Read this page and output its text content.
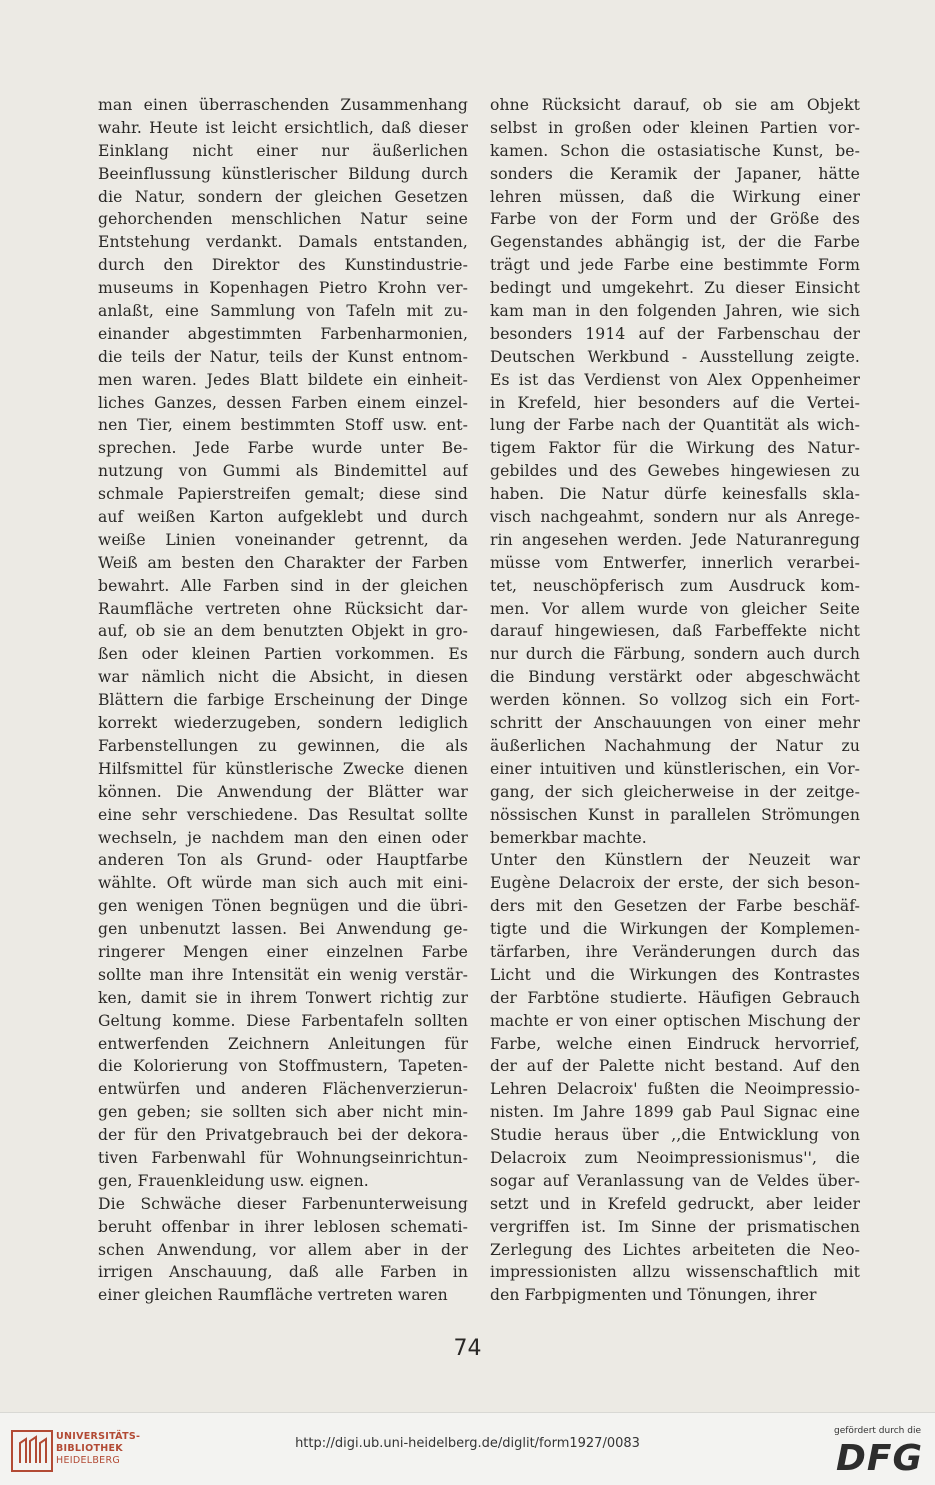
man einen überraschenden Zusammenhang
wahr. Heute ist leicht ersichtlich, daß dieser
Einklang nicht einer nur äußerlichen
Beeinflussung künstlerischer Bildung durch
die Natur, sondern der gleichen Gesetzen
gehorchenden menschlichen Natur seine
Entstehung verdankt. Damals entstanden,
durch den Direktor des Kunstindustrie-
museums in Kopenhagen Pietro Krohn ver-
anlaßt, eine Sammlung von Tafeln mit zu-
einander abgestimmten Farbenharmonien,
die teils der Natur, teils der Kunst entnom-
men waren. Jedes Blatt bildete ein einheit-
liches Ganzes, dessen Farben einem einzel-
nen Tier, einem bestimmten Stoff usw. ent-
sprechen. Jede Farbe wurde unter Be-
nutzung von Gummi als Bindemittel auf
schmale Papierstreifen gemalt; diese sind
auf weißen Karton aufgeklebt und durch
weiße Linien voneinander getrennt, da
Weiß am besten den Charakter der Farben
bewahrt. Alle Farben sind in der gleichen
Raumfläche vertreten ohne Rücksicht dar-
auf, ob sie an dem benutzten Objekt in gro-
ßen oder kleinen Partien vorkommen. Es
war nämlich nicht die Absicht, in diesen
Blättern die farbige Erscheinung der Dinge
korrekt wiederzugeben, sondern lediglich
Farbenstellungen zu gewinnen, die als
Hilfsmittel für künstlerische Zwecke dienen
können. Die Anwendung der Blätter war
eine sehr verschiedene. Das Resultat sollte
wechseln, je nachdem man den einen oder
anderen Ton als Grund- oder Hauptfarbe
wählte. Oft würde man sich auch mit eini-
gen wenigen Tönen begnügen und die übri-
gen unbenutzt lassen. Bei Anwendung ge-
ringerer Mengen einer einzelnen Farbe
sollte man ihre Intensität ein wenig verstär-
ken, damit sie in ihrem Tonwert richtig zur
Geltung komme. Diese Farbentafeln sollten
entwerfenden Zeichnern Anleitungen für
die Kolorierung von Stoffmustern, Tapeten-
entwürfen und anderen Flächenverzierun-
gen geben; sie sollten sich aber nicht min-
der für den Privatgebrauch bei der dekora-
tiven Farbenwahl für Wohnungseinrichtun-
gen, Frauenkleidung usw. eignen.
Die Schwäche dieser Farbenunterweisung
beruht offenbar in ihrer leblosen schemati-
schen Anwendung, vor allem aber in der
irrigen Anschauung, daß alle Farben in
einer gleichen Raumfläche vertreten waren
ohne Rücksicht darauf, ob sie am Objekt
selbst in großen oder kleinen Partien vor-
kamen. Schon die ostasiatische Kunst, be-
sonders die Keramik der Japaner, hätte
lehren müssen, daß die Wirkung einer
Farbe von der Form und der Größe des
Gegenstandes abhängig ist, der die Farbe
trägt und jede Farbe eine bestimmte Form
bedingt und umgekehrt. Zu dieser Einsicht
kam man in den folgenden Jahren, wie sich
besonders 1914 auf der Farbenschau der
Deutschen Werkbund - Ausstellung zeigte.
Es ist das Verdienst von Alex Oppenheimer
in Krefeld, hier besonders auf die Vertei-
lung der Farbe nach der Quantität als wich-
tigem Faktor für die Wirkung des Natur-
gebildes und des Gewebes hingewiesen zu
haben. Die Natur dürfe keinesfalls skla-
visch nachgeahmt, sondern nur als Anrege-
rin angesehen werden. Jede Naturanregung
müsse vom Entwerfer, innerlich verarbei-
tet, neuschöpferisch zum Ausdruck kom-
men. Vor allem wurde von gleicher Seite
darauf hingewiesen, daß Farbeffekte nicht
nur durch die Färbung, sondern auch durch
die Bindung verstärkt oder abgeschwächt
werden können. So vollzog sich ein Fort-
schritt der Anschauungen von einer mehr
äußerlichen Nachahmung der Natur zu
einer intuitiven und künstlerischen, ein Vor-
gang, der sich gleicherweise in der zeitge-
nössischen Kunst in parallelen Strömungen
bemerkbar machte.
Unter den Künstlern der Neuzeit war
Eugène Delacroix der erste, der sich beson-
ders mit den Gesetzen der Farbe beschäf-
tigte und die Wirkungen der Komplemen-
tärfarben, ihre Veränderungen durch das
Licht und die Wirkungen des Kontrastes
der Farbtöne studierte. Häufigen Gebrauch
machte er von einer optischen Mischung der
Farbe, welche einen Eindruck hervorrief,
der auf der Palette nicht bestand. Auf den
Lehren Delacroix' fußten die Neoimpressio-
nisten. Im Jahre 1899 gab Paul Signac eine
Studie heraus über ,,die Entwicklung von
Delacroix zum Neoimpressionismus'', die
sogar auf Veranlassung van de Veldes über-
setzt und in Krefeld gedruckt, aber leider
vergriffen ist. Im Sinne der prismatischen
Zerlegung des Lichtes arbeiteten die Neo-
impressionisten allzu wissenschaftlich mit
den Farbpigmenten und Tönungen, ihrer
74
UNIVERSITÄTS-
BIBLIOTHEK
HEIDELBERG
http://digi.ub.uni-heidelberg.de/diglit/form1927/0083
gefördert durch die
DFG
